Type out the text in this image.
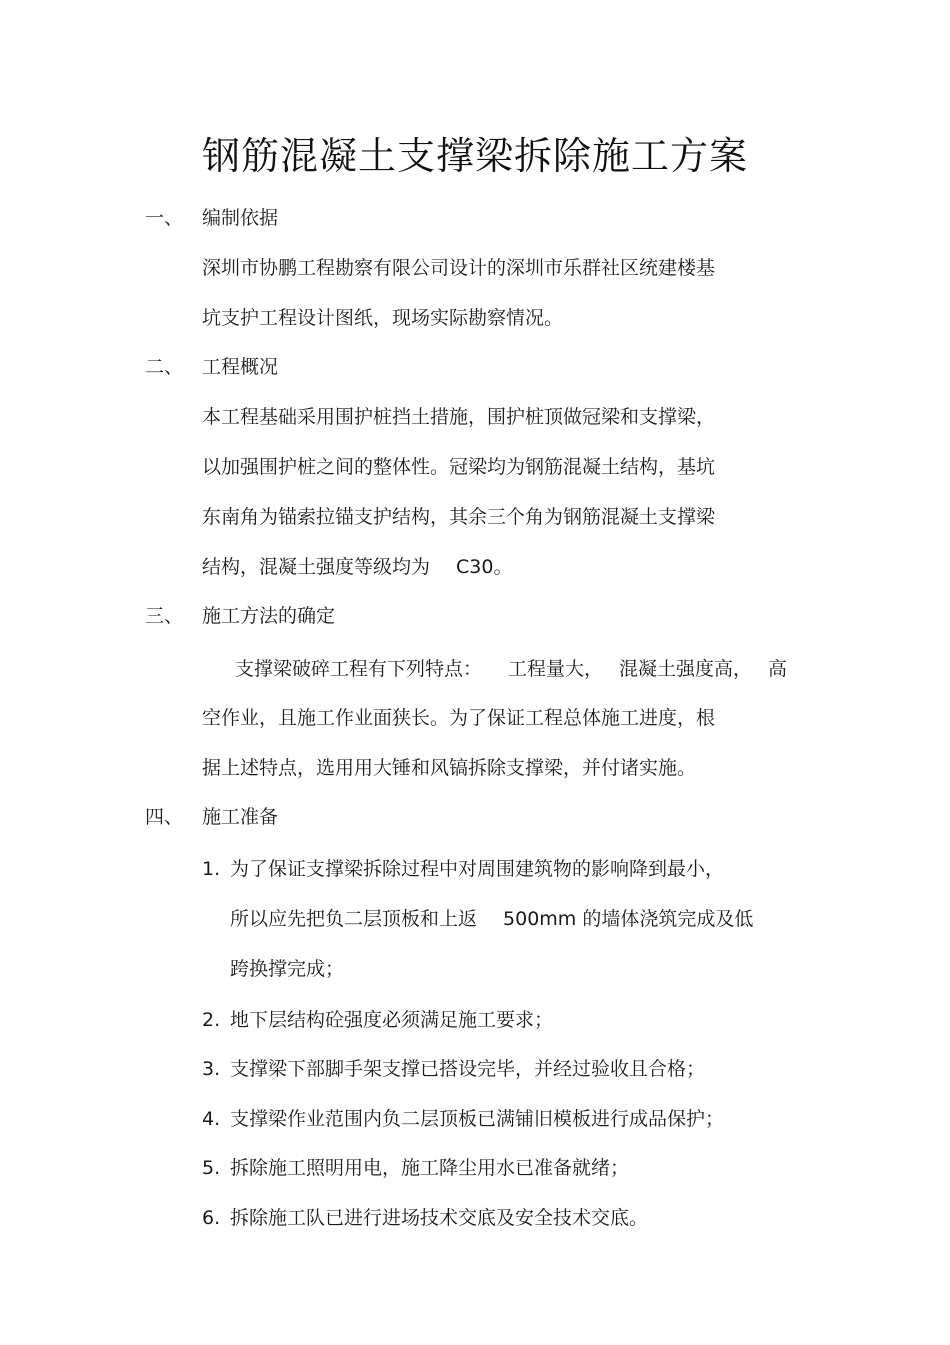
钢筋混凝土支撑梁拆除施工方案
一、 编制依据
深圳市协鹏工程勘察有限公司设计的深圳市乐群社区统建楼基
坑支护工程设计图纸，现场实际勘察情况。
二、 工程概况
本工程基础采用围护桩挡土措施，围护桩顶做冠梁和支撑梁，
以加强围护桩之间的整体性。冠梁均为钢筋混凝土结构，基坑
东南角为锚索拉锚支护结构，其余三个角为钢筋混凝土支撑梁
结构，混凝土强度等级均为 C30。
三、 施工方法的确定
支撑梁破碎工程有下列特点： 工程量大， 混凝土强度高， 高
空作业，且施工作业面狭长。为了保证工程总体施工进度，根
据上述特点，选用用大锤和风镐拆除支撑梁，并付诸实施。
四、 施工准备
1. 为了保证支撑梁拆除过程中对周围建筑物的影响降到最小，
所以应先把负二层顶板和上返 500mm 的墙体浇筑完成及低
跨换撑完成；
2. 地下层结构砼强度必须满足施工要求；
3. 支撑梁下部脚手架支撑已搭设完毕，并经过验收且合格；
4. 支撑梁作业范围内负二层顶板已满铺旧模板进行成品保护；
5. 拆除施工照明用电，施工降尘用水已准备就绪；
6. 拆除施工队已进行进场技术交底及安全技术交底。
